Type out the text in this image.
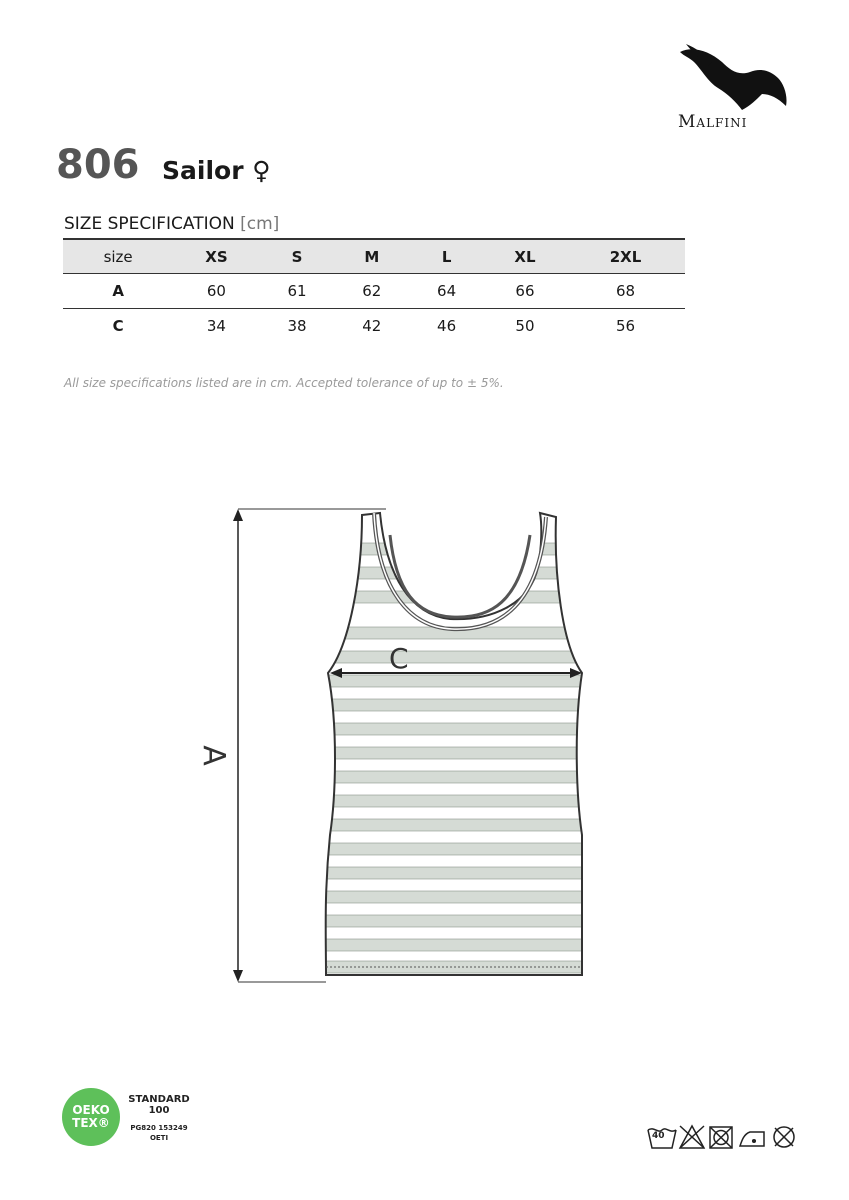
Malfini
806 Sailor ♀
SIZE SPECIFICATION [cm]
size	XS	S	M	L	XL	2XL
A	60	61	62	64	66	68
C	34	38	42	46	50	56
All size specifications listed are in cm. Accepted tolerance of up to ± 5%.
A
C
OEKO
TEX®
STANDARD
100
PG820 153249
OETI	40
